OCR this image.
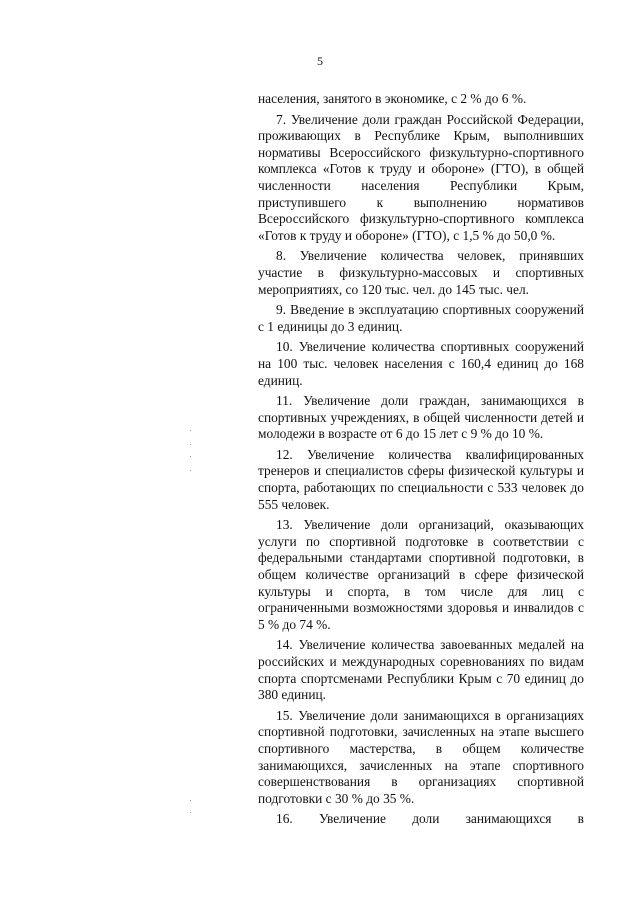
5

населения, занятого в экономике, с 2 % до 6 %.

7. Увеличение доли граждан Российской Федерации, проживающих в Республике Крым, выполнивших нормативы Всероссийского физкультурно-спортивного комплекса «Готов к труду и обороне» (ГТО), в общей численности населения Республики Крым, приступившего к выполнению нормативов Всероссийского физкультурно-спортивного комплекса «Готов к труду и обороне» (ГТО), с 1,5 % до 50,0 %.

8. Увеличение количества человек, принявших участие в физкультурно-массовых и спортивных мероприятиях, со 120 тыс. чел. до 145 тыс. чел.

9. Введение в эксплуатацию спортивных сооружений с 1 единицы до 3 единиц.

10. Увеличение количества спортивных сооружений на 100 тыс. человек населения с 160,4 единиц до 168 единиц.

11. Увеличение доли граждан, занимающихся в спортивных учреждениях, в общей численности детей и молодежи в возрасте от 6 до 15 лет с 9 % до 10 %.

12. Увеличение количества квалифицированных тренеров и специалистов сферы физической культуры и спорта, работающих по специальности с 533 человек до 555 человек.

13. Увеличение доли организаций, оказывающих услуги по спортивной подготовке в соответствии с федеральными стандартами спортивной подготовки, в общем количестве организаций в сфере физической культуры и спорта, в том числе для лиц с ограниченными возможностями здоровья и инвалидов с 5 % до 74 %.

14. Увеличение количества завоеванных медалей на российских и международных соревнованиях по видам спорта спортсменами Республики Крым с 70 единиц до 380 единиц.

15. Увеличение доли занимающихся в организациях спортивной подготовки, зачисленных на этапе высшего спортивного мастерства, в общем количестве занимающихся, зачисленных на этапе спортивного совершенствования в организациях спортивной подготовки с 30 % до 35 %.

16. Увеличение доли занимающихся в
